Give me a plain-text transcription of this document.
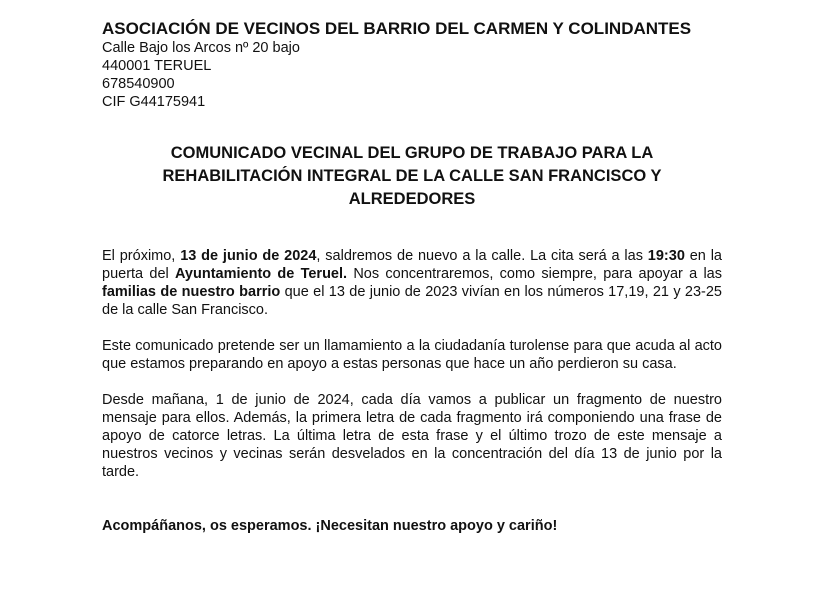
ASOCIACIÓN DE VECINOS DEL BARRIO DEL CARMEN Y COLINDANTES
Calle Bajo los Arcos nº 20 bajo
440001 TERUEL
678540900
CIF G44175941
COMUNICADO VECINAL DEL GRUPO DE TRABAJO PARA LA REHABILITACIÓN INTEGRAL DE LA CALLE SAN FRANCISCO Y ALREDEDORES

El próximo, 13 de junio de 2024, saldremos de nuevo a la calle. La cita será a las 19:30 en la puerta del Ayuntamiento de Teruel. Nos concentraremos, como siempre, para apoyar a las familias de nuestro barrio que el 13 de junio de 2023 vivían en los números 17,19, 21 y 23-25 de la calle San Francisco.

Este comunicado pretende ser un llamamiento a la ciudadanía turolense para que acuda al acto que estamos preparando en apoyo a estas personas que hace un año perdieron su casa.

Desde mañana, 1 de junio de 2024, cada día vamos a publicar un fragmento de nuestro mensaje para ellos. Además, la primera letra de cada fragmento irá componiendo una frase de apoyo de catorce letras. La última letra de esta frase y el último trozo de este mensaje a nuestros vecinos y vecinas serán desvelados en la concentración del día 13 de junio por la tarde.

Acompáñanos, os esperamos. ¡Necesitan nuestro apoyo y cariño!
